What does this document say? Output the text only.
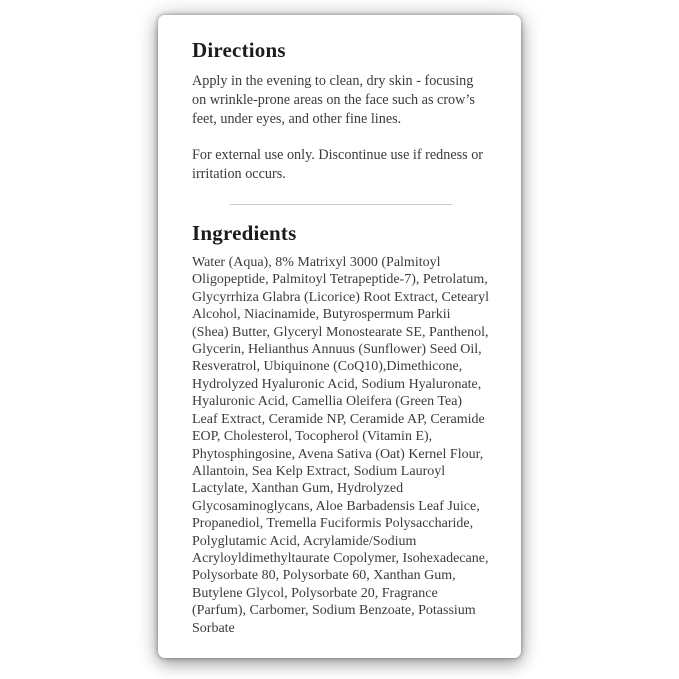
Directions

Apply in the evening to clean, dry skin - focusing on wrinkle-prone areas on the face such as crow’s feet, under eyes, and other fine lines.

For external use only. Discontinue use if redness or irritation occurs.

Ingredients

Water (Aqua), 8% Matrixyl 3000 (Palmitoyl Oligopeptide, Palmitoyl Tetrapeptide-7), Petrolatum, Glycyrrhiza Glabra (Licorice) Root Extract, Cetearyl Alcohol, Niacinamide, Butyrospermum Parkii (Shea) Butter, Glyceryl Monostearate SE, Panthenol, Glycerin, Helianthus Annuus (Sunflower) Seed Oil, Resveratrol, Ubiquinone (CoQ10),Dimethicone, Hydrolyzed Hyaluronic Acid, Sodium Hyaluronate, Hyaluronic Acid, Camellia Oleifera (Green Tea) Leaf Extract, Ceramide NP, Ceramide AP, Ceramide EOP, Cholesterol, Tocopherol (Vitamin E), Phytosphingosine, Avena Sativa (Oat) Kernel Flour, Allantoin, Sea Kelp Extract, Sodium Lauroyl Lactylate, Xanthan Gum, Hydrolyzed Glycosaminoglycans, Aloe Barbadensis Leaf Juice, Propanediol, Tremella Fuciformis Polysaccharide, Polyglutamic Acid, Acrylamide/Sodium Acryloyldimethyltaurate Copolymer, Isohexadecane, Polysorbate 80, Polysorbate 60, Xanthan Gum, Butylene Glycol, Polysorbate 20, Fragrance (Parfum), Carbomer, Sodium Benzoate, Potassium Sorbate
